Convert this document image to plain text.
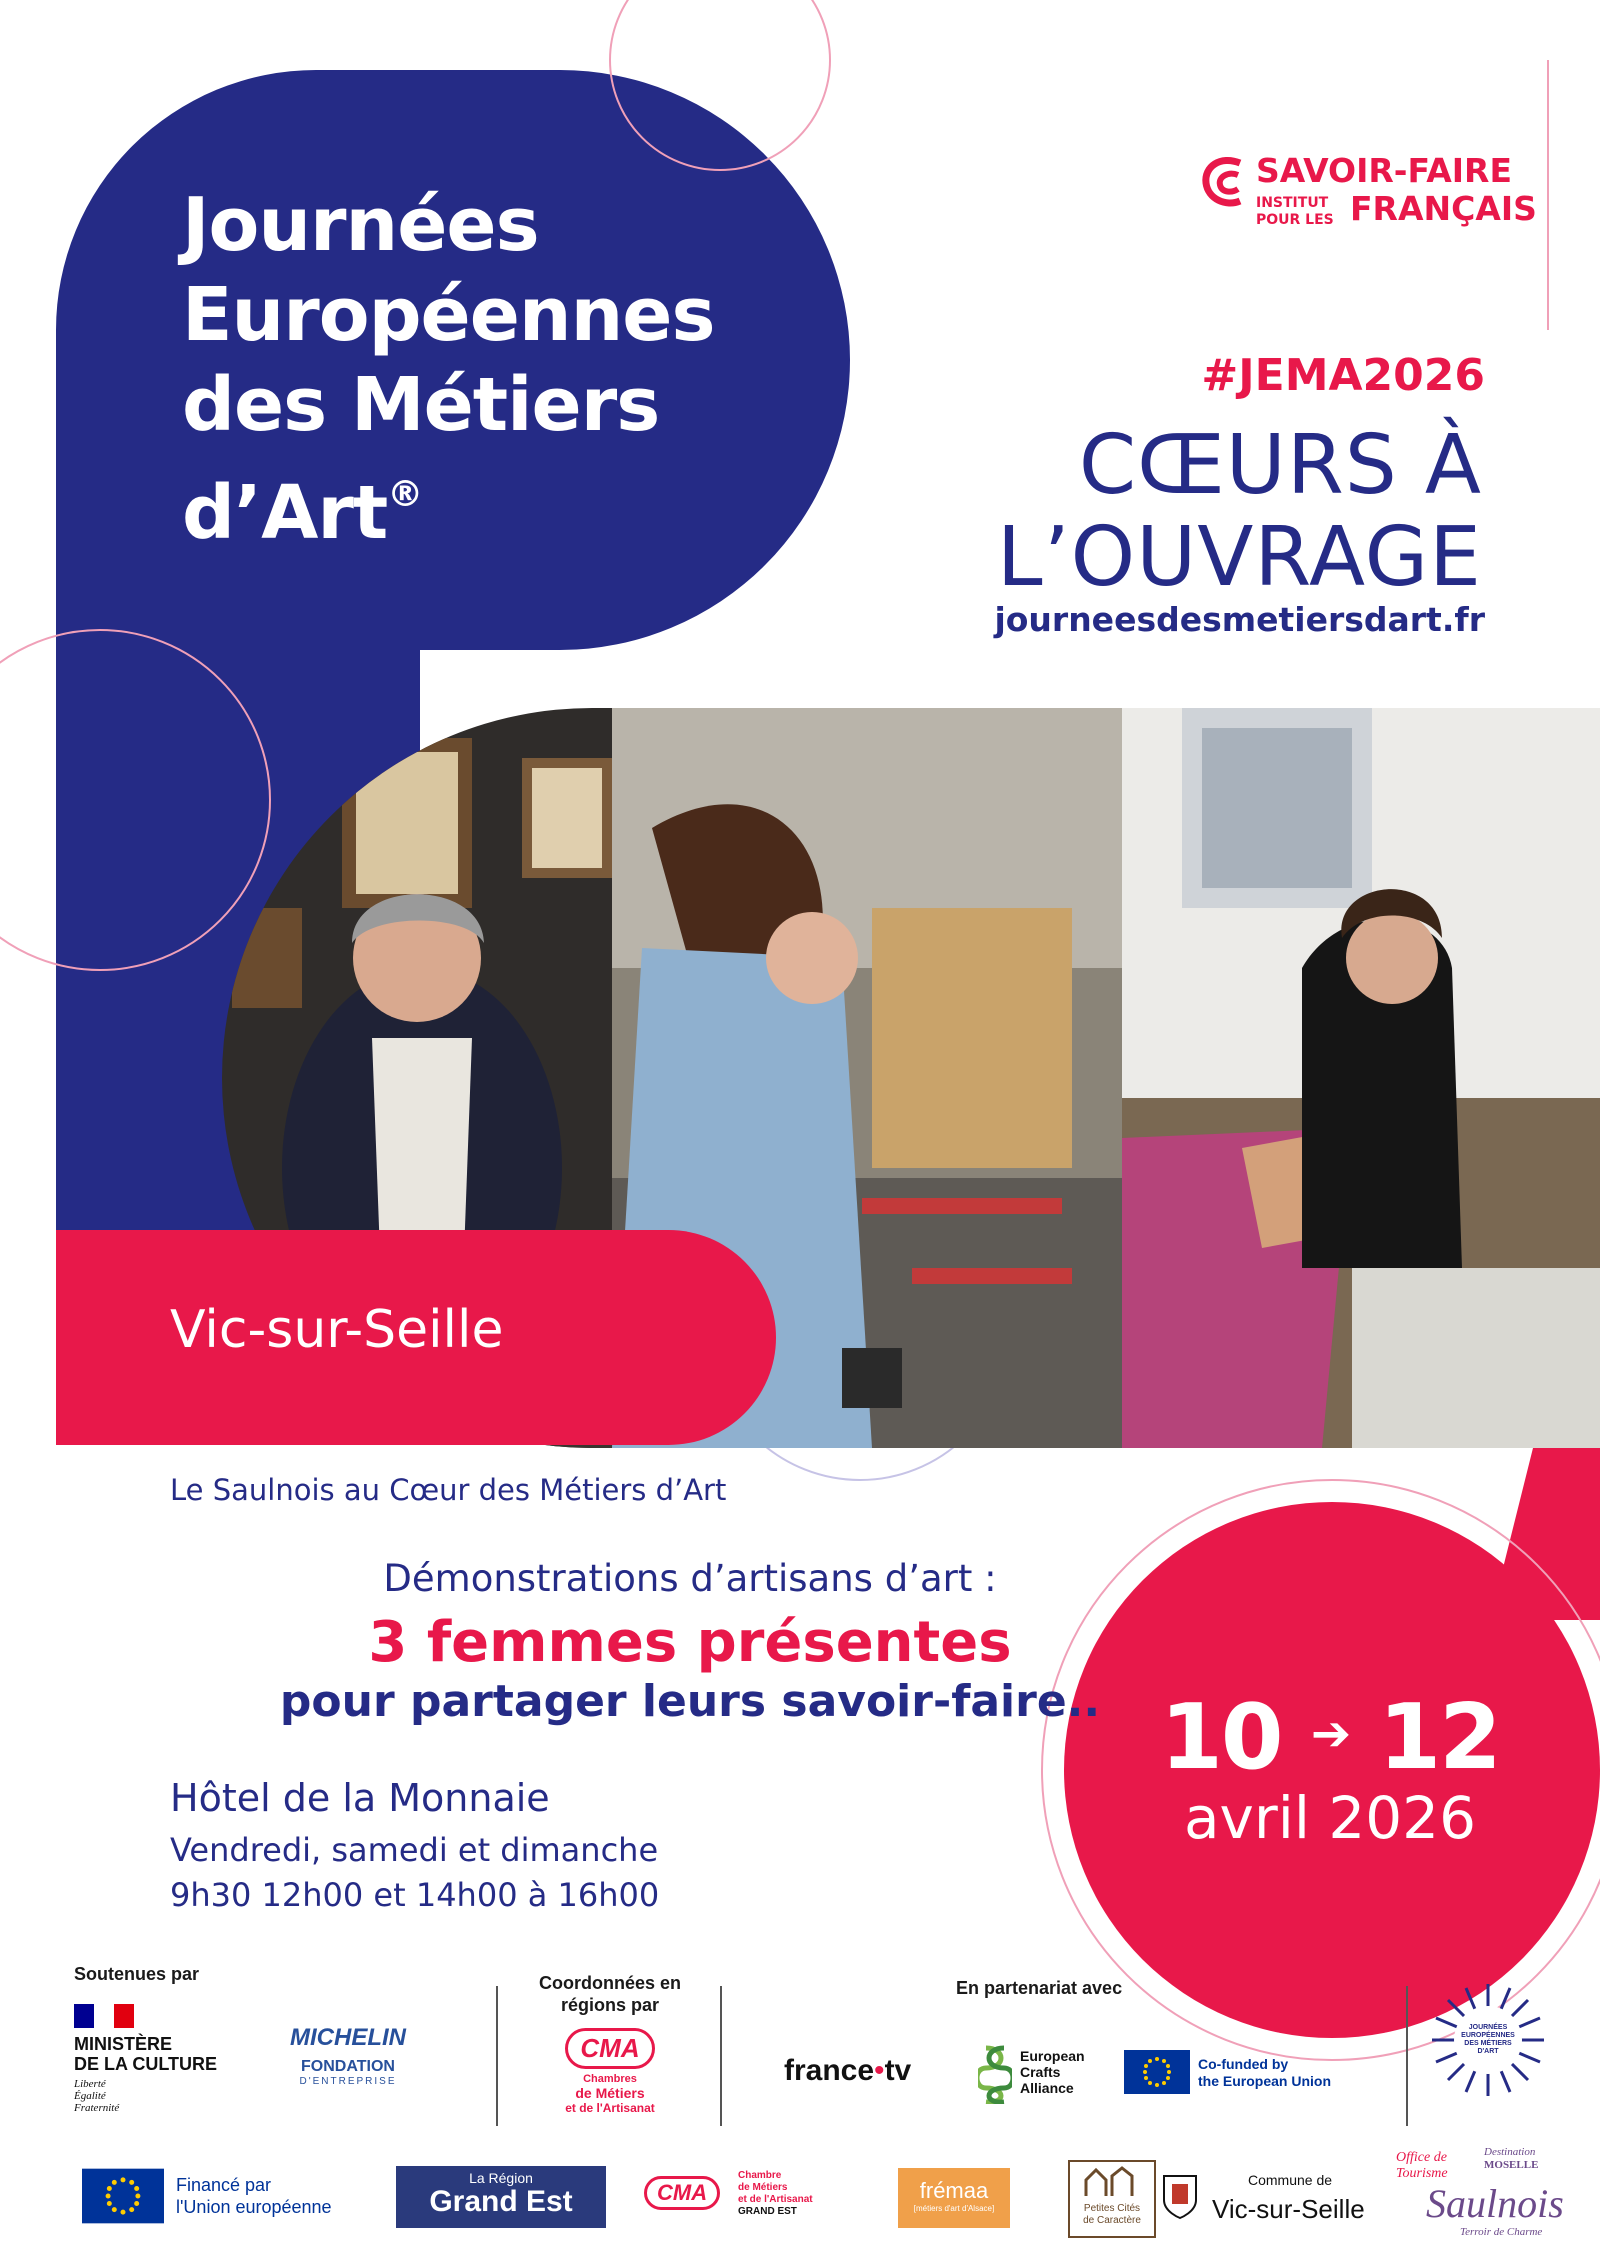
Journées
Européennes
des Métiers
d’Art®
SAVOIR-FAIRE
INSTITUT POUR LES FRANÇAIS
#JEMA2026
CŒURS À
L’OUVRAGE
journeesdesmetiersdart.fr
Vic-sur-Seille
Le Saulnois au Cœur des Métiers d’Art
Démonstrations d’artisans d’art :
3 femmes présentes
pour partager leurs savoir-faire..
Hôtel de la Monnaie
Vendredi, samedi et dimanche
9h30 12h00 et 14h00 à 16h00
10 ➔ 12
avril 2026
Soutenues par
MINISTÈRE
DE LA CULTURE
Liberté
Égalité
Fraternité
MICHELIN
FONDATION
D'ENTREPRISE
Coordonnées en régions par
CMA
Chambres
de Métiers
et de l'Artisanat
En partenariat avec
france•tv	European
Crafts
Alliance
Co-funded by
the European Union
JOURNÉES
EUROPÉENNES
DES MÉTIERS
D'ART
Financé par
l'Union européenne
La Région
Grand Est	CMA
Chambre
de Métiers
et de l'Artisanat
GRAND EST
frémaa
[métiers d'art d'Alsace]	Petites Cités
de Caractère
Commune de
Vic-sur-Seille
Office de
Tourisme
Destination
MOSELLE
Saulnois
Terroir de Charme
